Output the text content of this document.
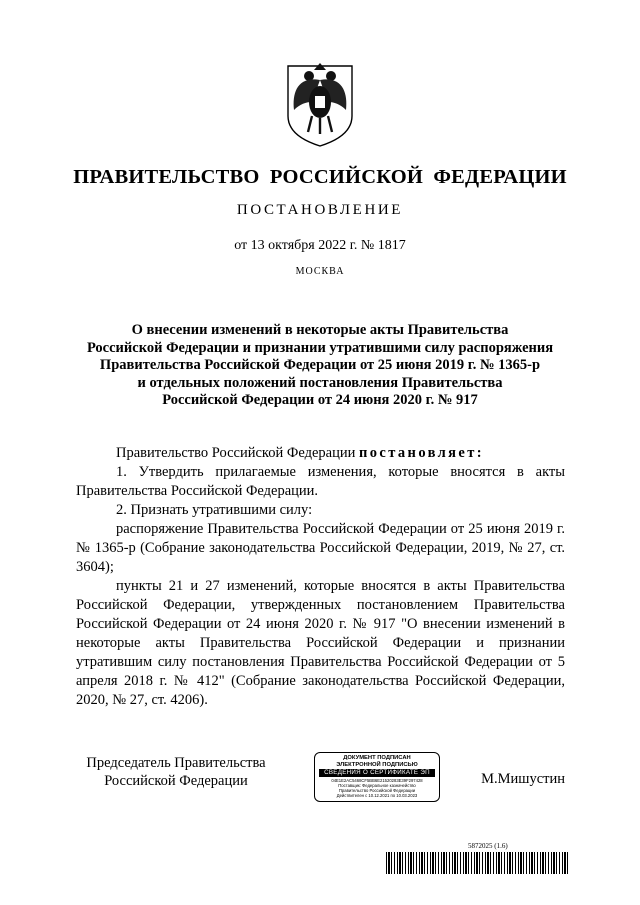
ПРАВИТЕЛЬСТВО РОССИЙСКОЙ ФЕДЕРАЦИИ
ПОСТАНОВЛЕНИЕ
от 13 октября 2022 г. № 1817
МОСКВА
О внесении изменений в некоторые акты Правительства
Российской Федерации и признании утратившими силу распоряжения
Правительства Российской Федерации от 25 июня 2019 г. № 1365-р
и отдельных положений постановления Правительства
Российской Федерации от 24 июня 2020 г. № 917

Правительство Российской Федерации постановляет:

1. Утвердить прилагаемые изменения, которые вносятся в акты Правительства Российской Федерации.

2. Признать утратившими силу:

распоряжение Правительства Российской Федерации от 25 июня 2019 г. № 1365-р (Собрание законодательства Российской Федерации, 2019, № 27, ст. 3604);

пункты 21 и 27 изменений, которые вносятся в акты Правительства Российской Федерации, утвержденных постановлением Правительства Российской Федерации от 24 июня 2020 г. № 917 "О внесении изменений в некоторые акты Правительства Российской Федерации и признании утратившим силу постановления Правительства Российской Федерации от 5 апреля 2018 г. № 412" (Собрание законодательства Российской Федерации, 2020, № 27, ст. 4206).

Председатель Правительства
Российской Федерации
ДОКУМЕНТ ПОДПИСАН
ЭЛЕКТРОННОЙ ПОДПИСЬЮ
СВЕДЕНИЯ О СЕРТИФИКАТЕ ЭП
04E1E2AC5468CF5BB6E21520283E39F297428
Поставщик: Федеральное казначейство
Правительство Российской Федерации
Действителен с 10.12.2021 по 10.03.2023
М.Мишустин
5872025 (1.6)
